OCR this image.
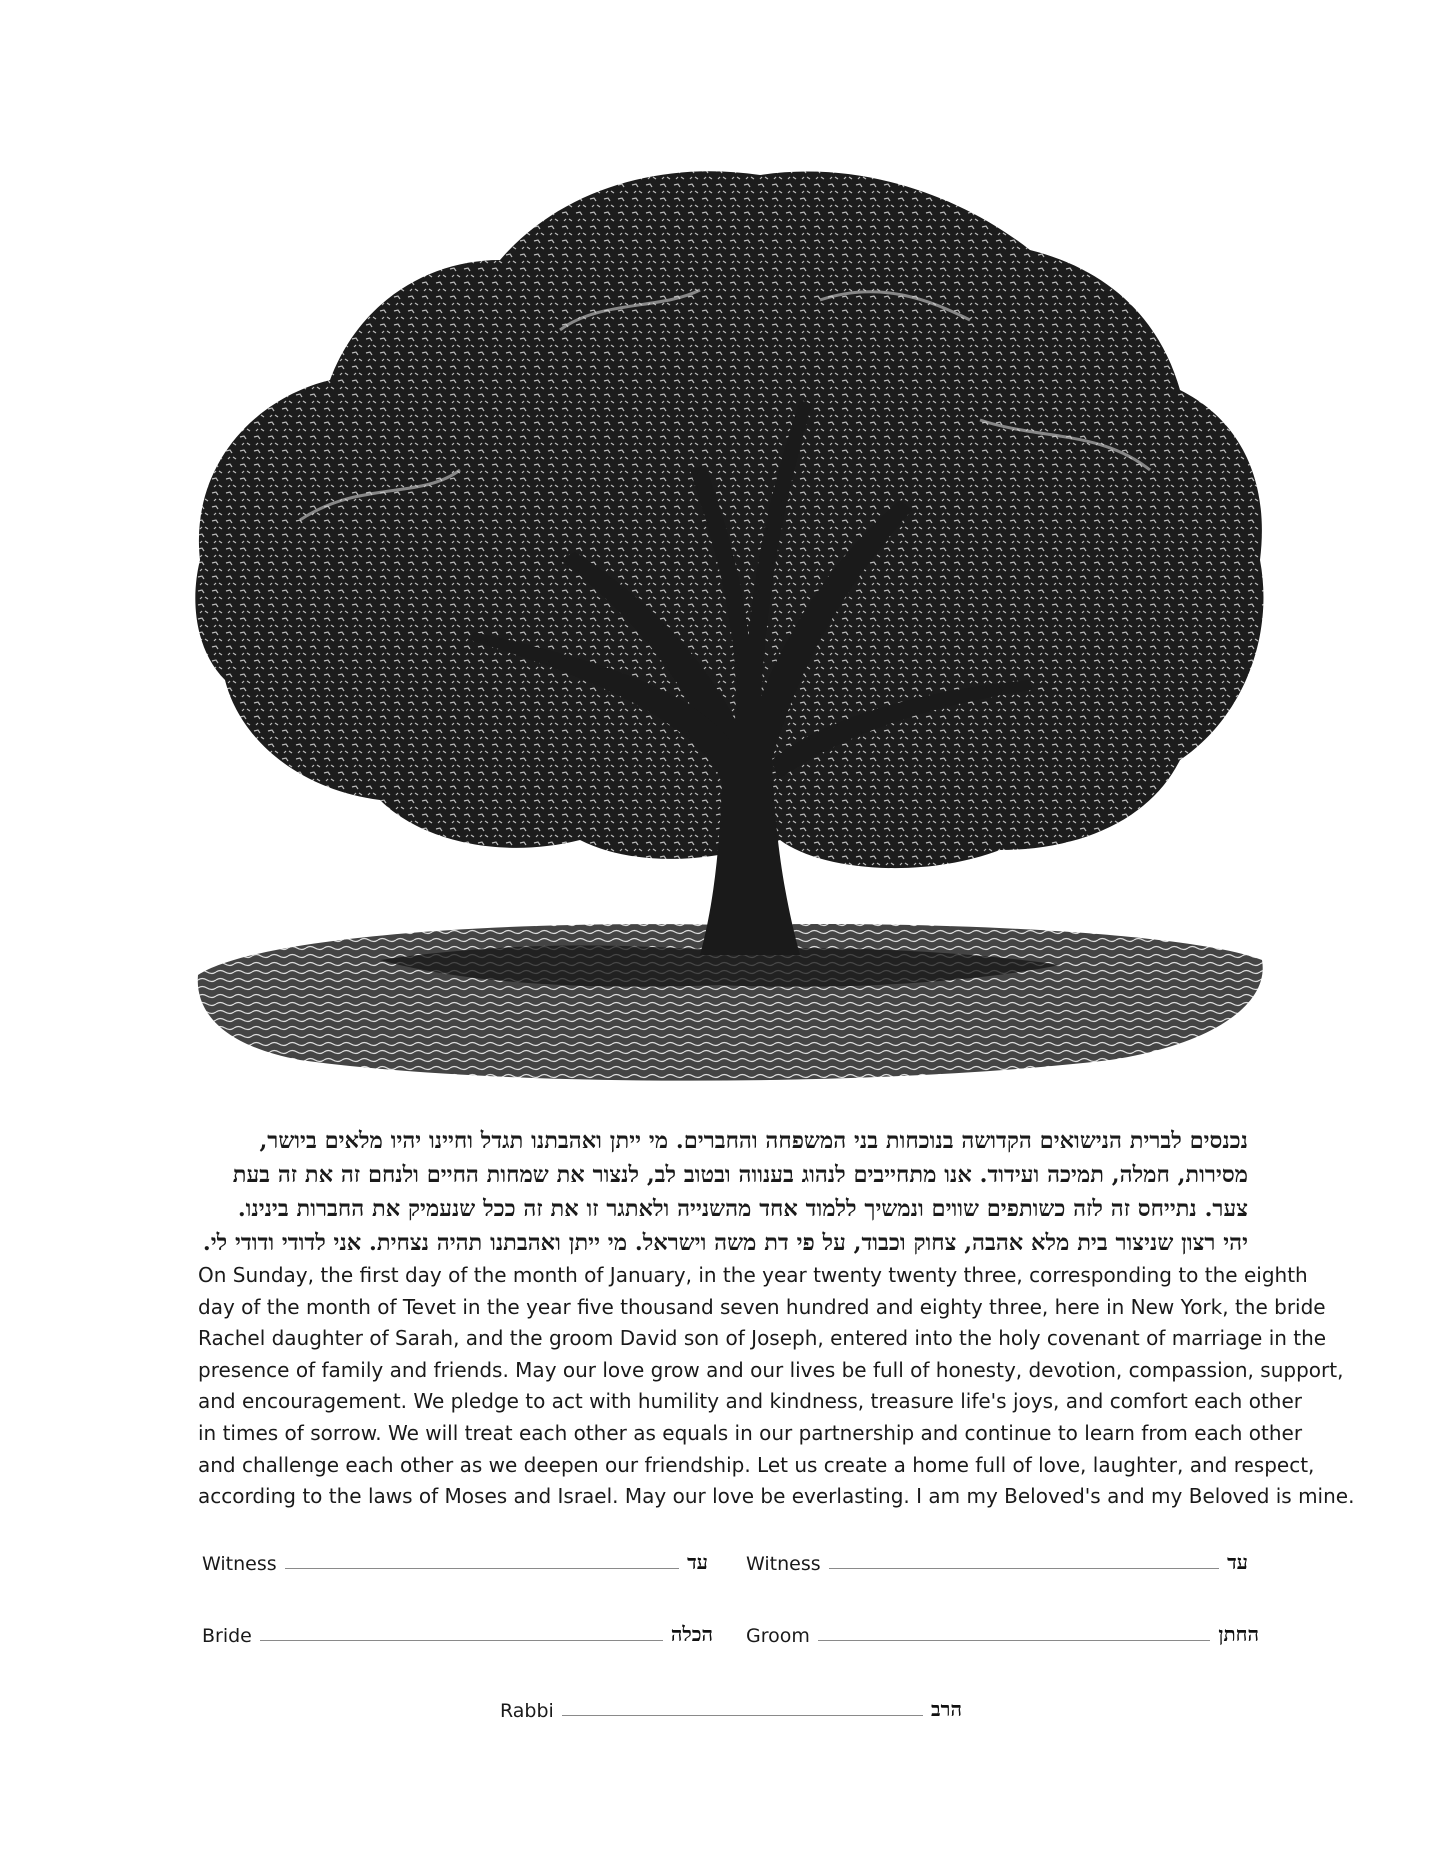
נכנסים לברית הנישואים הקדושה בנוכחות בני המשפחה והחברים. מי ייתן ואהבתנו תגדל וחיינו יהיו מלאים ביושר,

מסירות, חמלה, תמיכה ועידוד. אנו מתחייבים לנהוג בענווה ובטוב לב, לנצור את שמחות החיים ולנחם זה את זה בעת

צער. נתייחס זה לזה כשותפים שווים ונמשיך ללמוד אחד מהשנייה ולאתגר זו את זה ככל שנעמיק את החברות בינינו.

יהי רצון שניצור בית מלא אהבה, צחוק וכבוד, על פי דת משה וישראל. מי ייתן ואהבתנו תהיה נצחית. אני לדודי ודודי לי.

On Sunday, the first day of the month of January, in the year twenty twenty three, corresponding to the eighth

day of the month of Tevet in the year five thousand seven hundred and eighty three, here in New York, the bride

Rachel daughter of Sarah, and the groom David son of Joseph, entered into the holy covenant of marriage in the

presence of family and friends. May our love grow and our lives be full of honesty, devotion, compassion, support,

and encouragement. We pledge to act with humility and kindness, treasure life's joys, and comfort each other

in times of sorrow. We will treat each other as equals in our partnership and continue to learn from each other

and challenge each other as we deepen our friendship. Let us create a home full of love, laughter, and respect,

according to the laws of Moses and Israel. May our love be everlasting. I am my Beloved's and my Beloved is mine.

Witness	עד Witness	עד
Bride	הכלה Groom	החתן
Rabbi	הרב
